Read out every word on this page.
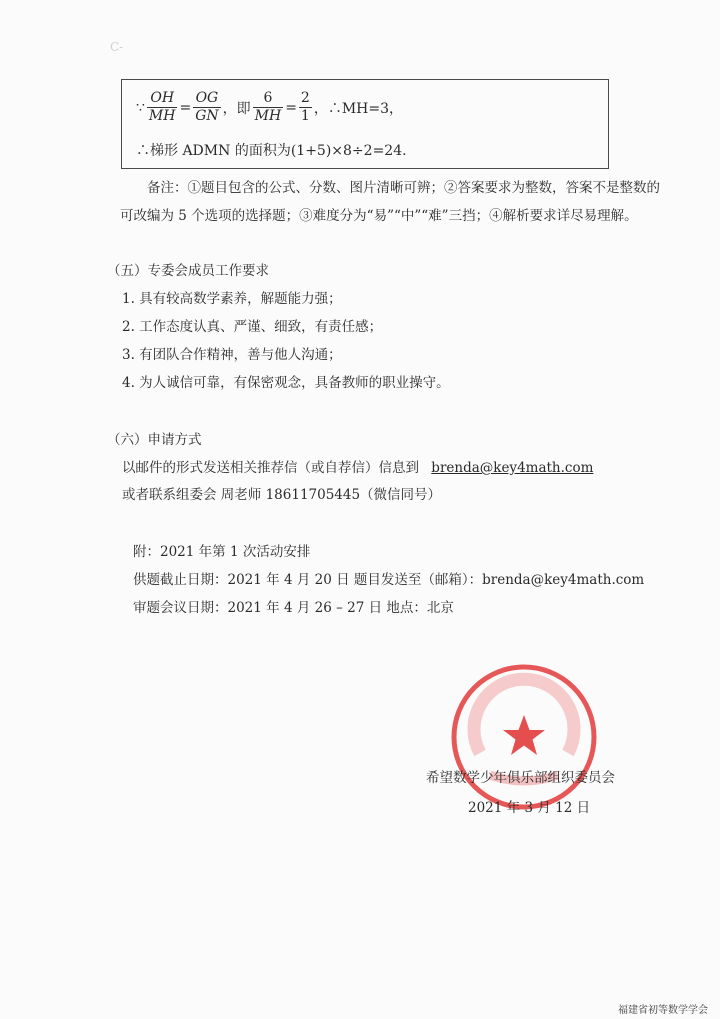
C-
∵ $\frac{OH}{MH} = \frac{OG}{GN}$ ，即 $\frac{6}{MH} = \frac{2}{1}$ ，∴MH=3，
∴梯形 ADMN 的面积为(1+5)×8÷2=24.
备注：①题目包含的公式、分数、图片清晰可辨；②答案要求为整数，答案不是整数的
可改编为 5 个选项的选择题；③难度分为“易”“中”“难”三挡；④解析要求详尽易理解。
（五）专委会成员工作要求
1. 具有较高数学素养，解题能力强；
2. 工作态度认真、严谨、细致，有责任感；
3. 有团队合作精神，善与他人沟通；
4. 为人诚信可靠，有保密观念，具备教师的职业操守。
（六）申请方式
以邮件的形式发送相关推荐信（或自荐信）信息到 brenda@key4math.com
或者联系组委会 周老师 18611705445（微信同号）
附：2021 年第 1 次活动安排
供题截止日期：2021 年 4 月 20 日 题目发送至（邮箱）：brenda@key4math.com
审题会议日期：2021 年 4 月 26 – 27 日 地点：北京
希望数学少年俱乐部组织委员会
2021 年 3 月 12 日
福建省初等数学学会
